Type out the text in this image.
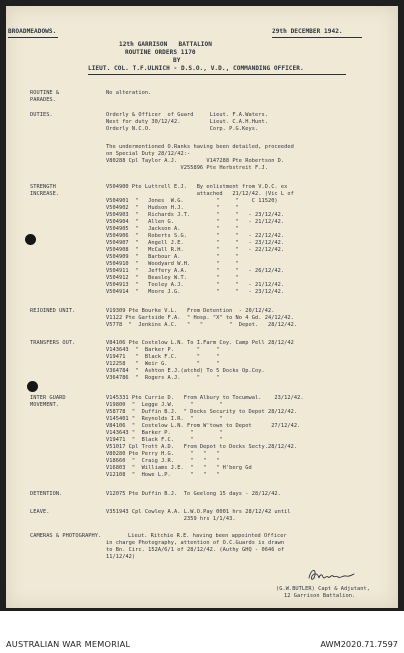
BROADMEADOWS.	29th DECEMBER 1942.
12th GARRISON   BATTALION
ROUTINE ORDERS 1170
BY
LIEUT. COL. T.F.ULNICH - D.S.O., V.D., COMMANDING OFFICER.
ROUTINE &
PARADES.
No alteration.
DUTIES.	Orderly & Officer  of Guard     Lieut. F.A.Waters.
Next for duty 30/12/42.         Lieut. C.A.H.Hunt.
Orderly N.C.O.                  Corp. P.G.Keys.
The undermentioned O.Ranks having been detailed, proceeded
on Special Duty 28/12/42:-
V80288 Cpl Taylor A.J.         V147288 Pte Robertson D.
V255896 Pte Herbstreit F.J.
STRENGTH
INCREASE.
V504900 Pte Luttrell E.J.   By enlistment from V.D.C. ex
attached   21/12/42. (Vic L of
V504901  "   Jones  W.G.          "     "    C 11520)
V504902  "   Hudson H.J.          "     "
V504903  "   Richards J.T.        "     "   - 23/12/42.
V504904  "   Allen G.             "     "   - 21/12/42.
V504905  "   Jackson A.           "     "
V504906  "   Roberts S.G.         "     "   - 22/12/42.
V504907  "   Angell J.E.          "     "   - 23/12/42.
V504908  "   McCall R.H.          "     "   - 22/12/42.
V504909  "   Barbour A.           "     "
V504910  "   Woodyard W.H.        "     "
V504911  "   Jeffery A.A.         "     "   - 26/12/42.
V504912  "   Beasley W.T.         "     "
V504913  "   Tooley A.J.          "     "   - 21/12/42.
V504914  "   Moore J.G.           "     "   - 23/12/42.
REJOINED UNIT.	V19309 Pte Bourke V.L.   From Detention  - 20/12/42.
V1122 Pte Gartside F.A.  " Hosp. "X" to No 4 Gd. 24/12/42.
V5778  "  Jenkins A.C.   "   "        "  Depot.   28/12/42.
TRANSFERS OUT.	V84106 Pte Costelow L.N. To I.Farm Coy. Camp Pell 28/12/42
V143643  "  Barker P.       "     "
V19471   "  Black F.C.      "     "
V12258   "  Weir G.         "     "
V364784  "  Ashton E.J.(atchd) To 5 Docks Op.Coy.
V364786  "  Rogers A.J.     "     "
INTER GUARD
MOVEMENT.
V145331 Pte Currie D.   From Albury to Tocumwal.    23/12/42.
V19800  "  Legge J.W.     "        "
V58778  "  Duffin B.J.  " Docks Security to Depot 28/12/42.
V145401 "  Reynolds I.R.  "        "
V84106  "  Costelow L.N. From W'town to Depot      27/12/42.
V143643 "  Barker P.      "        "
V19471  "  Black F.C.     "        "
V51017 Cpl Trott A.D.   From Depot to Docks Secty.28/12/42.
V80280 Pte Perry H.G.     "   "   "
V18660  "  Craig J.R.     "   "   "
V16803  "  Williams J.E.  "   "   " H'berg Gd
V12108  "  Howe L.P.      "   "   "
DETENTION.	V12075 Pte Duffin B.J.  To Geelong 15 days - 28/12/42.
LEAVE.	V351943 Cpl Cowley A.A. L.W.O.Pay 0001 hrs 28/12/42 until
2359 hrs 1/1/43.
CAMERAS & PHOTOGRAPHY.	Lieut. Ritchie R.E. having been appointed Officer
in charge Photography, attention of O.C.Guards is drawn
to Bn. Circ. 152A/6/1 of 28/12/42. (Authy GHQ - 0646 of
11/12/42)
(G.W.BUTLER) Capt & Adjutant,
12 Garrison Battalion.
AUSTRALIAN WAR MEMORIAL	AWM2020.71.7597
